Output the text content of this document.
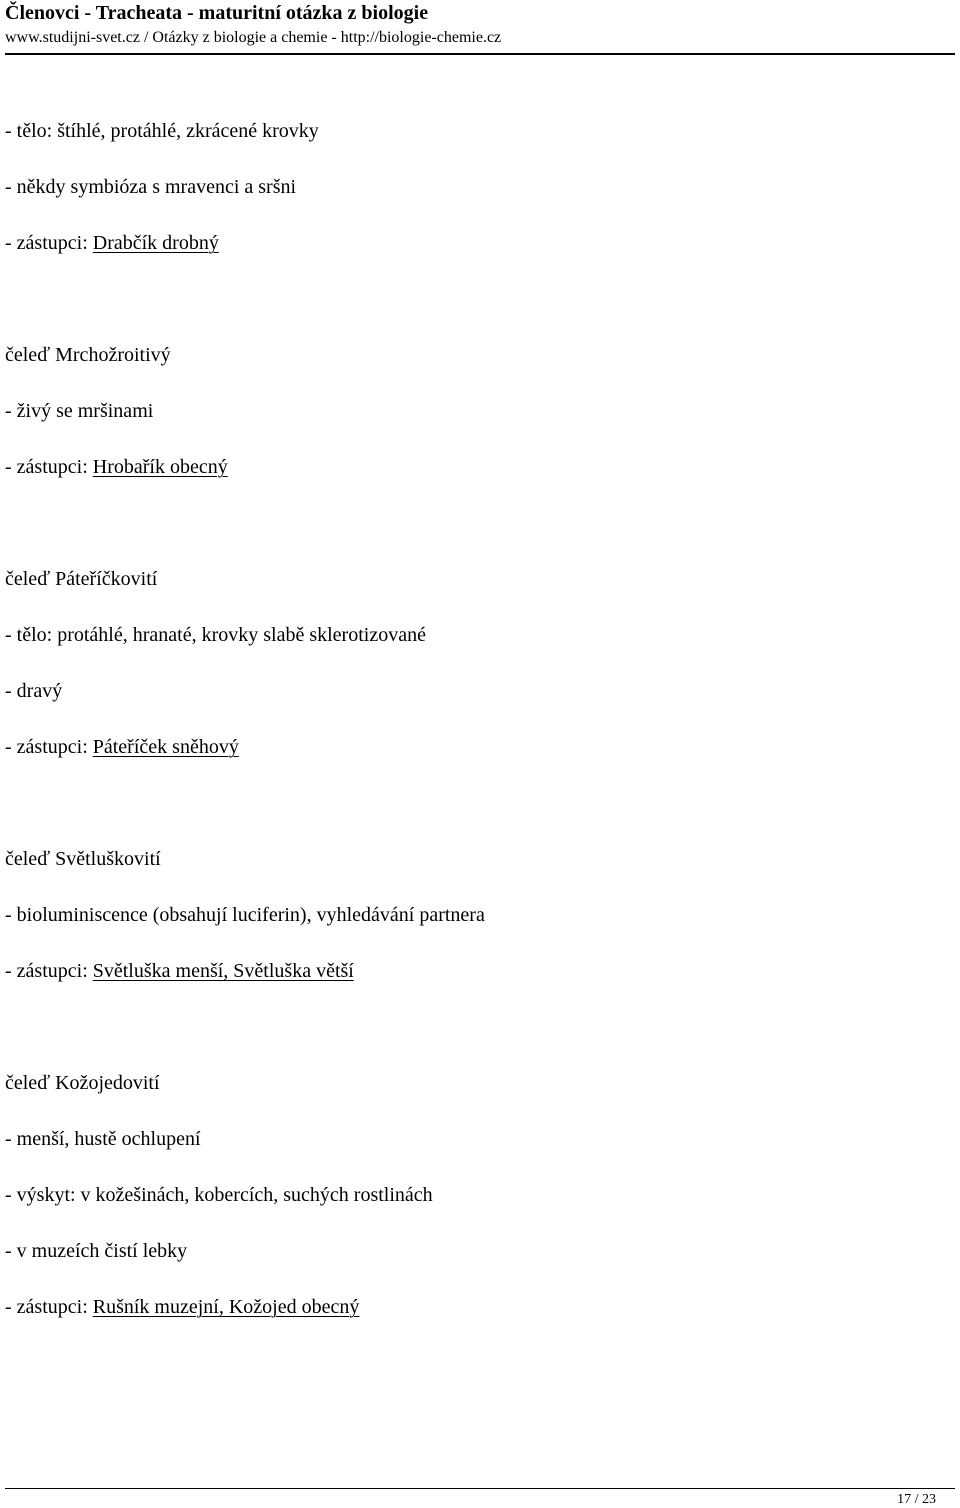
Členovci - Tracheata - maturitní otázka z biologie
www.studijni-svet.cz / Otázky z biologie a chemie - http://biologie-chemie.cz
- tělo: štíhlé, protáhlé, zkrácené krovky
- někdy symbióza s mravenci a sršni
- zástupci: Drabčík drobný
čeleď Mrchožroitivý
- živý se mršinami
- zástupci: Hrobařík obecný
čeleď Páteříčkovití
- tělo: protáhlé, hranaté, krovky slabě sklerotizované
- dravý
- zástupci: Páteříček sněhový
čeleď Světluškovití
- bioluminiscence (obsahují luciferin), vyhledávání partnera
- zástupci: Světluška menší, Světluška větší
čeleď Kožojedovití
- menší, hustě ochlupení
- výskyt: v kožešinách, kobercích, suchých rostlinách
- v muzeích čistí lebky
- zástupci: Rušník muzejní, Kožojed obecný
17 / 23
